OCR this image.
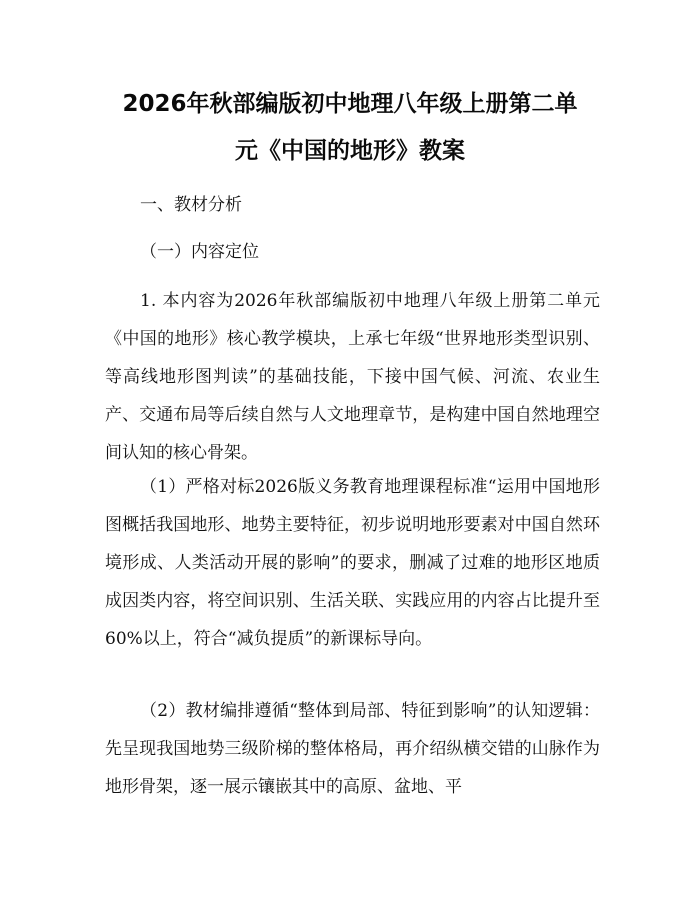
2026年秋部编版初中地理八年级上册第二单
元《中国的地形》教案
一、教材分析
（一）内容定位
1. 本内容为2026年秋部编版初中地理八年级上册第二单元《中国的地形》核心教学模块，上承七年级“世界地形类型识别、等高线地形图判读”的基础技能，下接中国气候、河流、农业生产、交通布局等后续自然与人文地理章节，是构建中国自然地理空间认知的核心骨架。
（1）严格对标2026版义务教育地理课程标准“运用中国地形图概括我国地形、地势主要特征，初步说明地形要素对中国自然环境形成、人类活动开展的影响”的要求，删减了过难的地形区地质成因类内容，将空间识别、生活关联、实践应用的内容占比提升至60%以上，符合“减负提质”的新课标导向。
（2）教材编排遵循“整体到局部、特征到影响”的认知逻辑：先呈现我国地势三级阶梯的整体格局，再介绍纵横交错的山脉作为地形骨架，逐一展示镶嵌其中的高原、盆地、平
